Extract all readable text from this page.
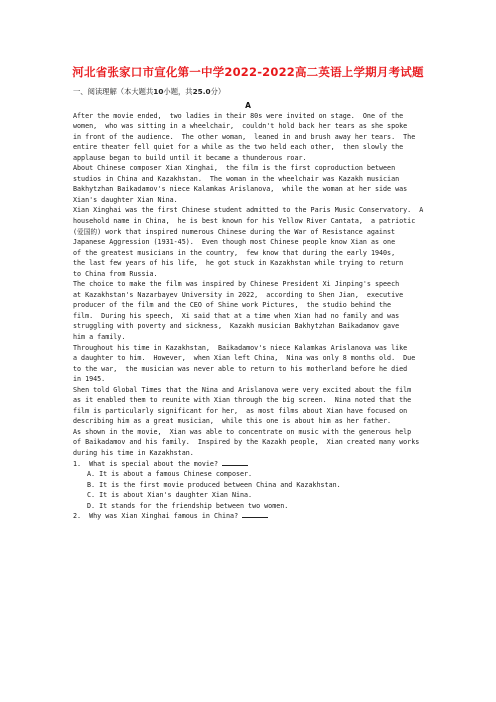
河北省张家口市宣化第一中学2022-2022高二英语上学期月考试题
一、阅读理解（本大题共10小题，共25.0分）
A
After the movie ended,  two ladies in their 80s were invited on stage.  One of the
women,  who was sitting in a wheelchair,  couldn't hold back her tears as she spoke
in front of the audience.  The other woman,  leaned in and brush away her tears.  The
entire theater fell quiet for a while as the two held each other,  then slowly the
applause began to build until it became a thunderous roar.
About Chinese composer Xian Xinghai,  the film is the first coproduction between
studios in China and Kazakhstan.  The woman in the wheelchair was Kazakh musician
Bakhytzhan Baikadamov's niece Kalamkas Arislanova,  while the woman at her side was
Xian's daughter Xian Nina.
Xian Xinghai was the first Chinese student admitted to the Paris Music Conservatory.  A
household name in China,  he is best known for his Yellow River Cantata,  a patriotic
(爱国的) work that inspired numerous Chinese during the War of Resistance against
Japanese Aggression (1931-45).  Even though most Chinese people know Xian as one
of the greatest musicians in the country,  few know that during the early 1940s,
the last few years of his life,  he got stuck in Kazakhstan while trying to return
to China from Russia.
The choice to make the film was inspired by Chinese President Xi Jinping's speech
at Kazakhstan's Nazarbayev University in 2022,  according to Shen Jian,  executive
producer of the film and the CEO of Shine work Pictures,  the studio behind the
film.  During his speech,  Xi said that at a time when Xian had no family and was
struggling with poverty and sickness,  Kazakh musician Bakhytzhan Baikadamov gave
him a family.
Throughout his time in Kazakhstan,  Baikadamov's niece Kalamkas Arislanova was like
a daughter to him.  However,  when Xian left China,  Nina was only 8 months old.  Due
to the war,  the musician was never able to return to his motherland before he died
in 1945.
Shen told Global Times that the Nina and Arislanova were very excited about the film
as it enabled them to reunite with Xian through the big screen.  Nina noted that the
film is particularly significant for her,  as most films about Xian have focused on
describing him as a great musician,  while this one is about him as her father.
As shown in the movie,  Xian was able to concentrate on music with the generous help
of Baikadamov and his family.  Inspired by the Kazakh people,  Xian created many works
during his time in Kazakhstan.
1. What is special about the movie?
A. It is about a famous Chinese composer.
B. It is the first movie produced between China and Kazakhstan.
C. It is about Xian's daughter Xian Nina.
D. It stands for the friendship between two women.
2. Why was Xian Xinghai famous in China?
